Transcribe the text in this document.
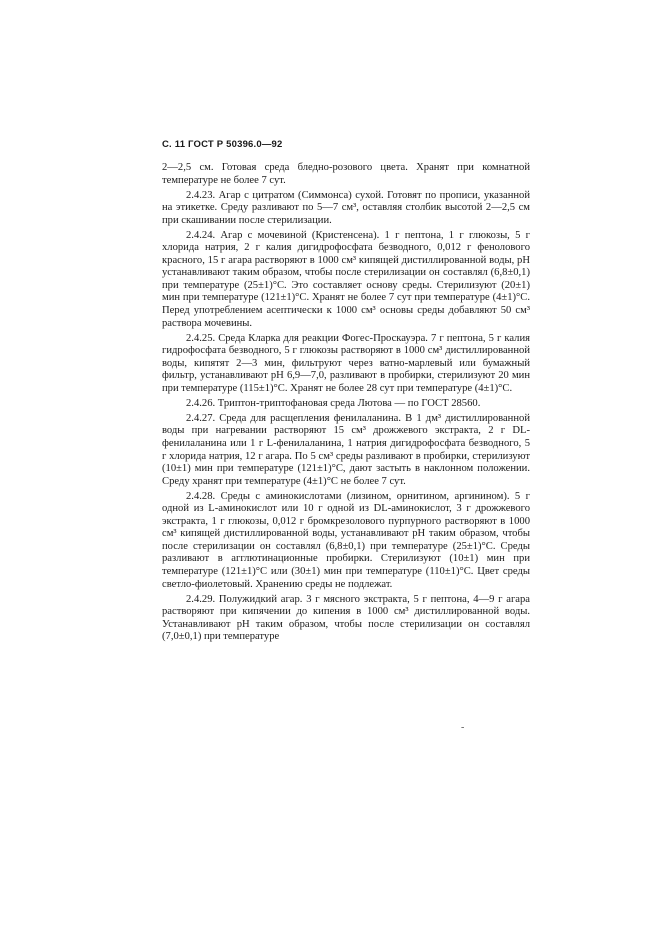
С. 11 ГОСТ Р 50396.0—92

2—2,5 см. Готовая среда бледно-розового цвета. Хранят при комнатной температуре не более 7 сут.

2.4.23. Агар с цитратом (Симмонса) сухой. Готовят по прописи, указанной на этикетке. Среду разливают по 5—7 см³, оставляя столбик высотой 2—2,5 см при скашивании после стерилизации.

2.4.24. Агар с мочевиной (Кристенсена). 1 г пептона, 1 г глюкозы, 5 г хлорида натрия, 2 г калия дигидрофосфата безводного, 0,012 г фенолового красного, 15 г агара растворяют в 1000 см³ кипящей дистиллированной воды, pH устанавливают таким образом, чтобы после стерилизации он составлял (6,8±0,1) при температуре (25±1)°С. Это составляет основу среды. Стерилизуют (20±1) мин при температуре (121±1)°С. Хранят не более 7 сут при температуре (4±1)°С. Перед употреблением асептически к 1000 см³ основы среды добавляют 50 см³ раствора мочевины.

2.4.25. Среда Кларка для реакции Фогес-Проскауэра. 7 г пептона, 5 г калия гидрофосфата безводного, 5 г глюкозы растворяют в 1000 см³ дистиллированной воды, кипятят 2—3 мин, фильтруют через ватно-марлевый или бумажный фильтр, устанавливают pH 6,9—7,0, разливают в пробирки, стерилизуют 20 мин при температуре (115±1)°С. Хранят не более 28 сут при температуре (4±1)°С.

2.4.26. Триптон-триптофановая среда Лютова — по ГОСТ 28560.

2.4.27. Среда для расщепления фенилаланина. В 1 дм³ дистиллированной воды при нагревании растворяют 15 см³ дрожжевого экстракта, 2 г DL-фенилаланина или 1 г L-фенилаланина, 1 натрия дигидрофосфата безводного, 5 г хлорида натрия, 12 г агара. По 5 см³ среды разливают в пробирки, стерилизуют (10±1) мин при температуре (121±1)°С, дают застыть в наклонном положении. Среду хранят при температуре (4±1)°С не более 7 сут.

2.4.28. Среды с аминокислотами (лизином, орнитином, аргинином). 5 г одной из L-аминокислот или 10 г одной из DL-аминокислот, 3 г дрожжевого экстракта, 1 г глюкозы, 0,012 г бромкрезолового пурпурного растворяют в 1000 см³ кипящей дистиллированной воды, устанавливают pH таким образом, чтобы после стерилизации он составлял (6,8±0,1) при температуре (25±1)°С. Среды разливают в агглютинационные пробирки. Стерилизуют (10±1) мин при температуре (121±1)°С или (30±1) мин при температуре (110±1)°С. Цвет среды светло-фиолетовый. Хранению среды не подлежат.

2.4.29. Полужидкий агар. 3 г мясного экстракта, 5 г пептона, 4—9 г агара растворяют при кипячении до кипения в 1000 см³ дистиллированной воды. Устанавливают pH таким образом, чтобы после стерилизации он составлял (7,0±0,1) при температуре

-
